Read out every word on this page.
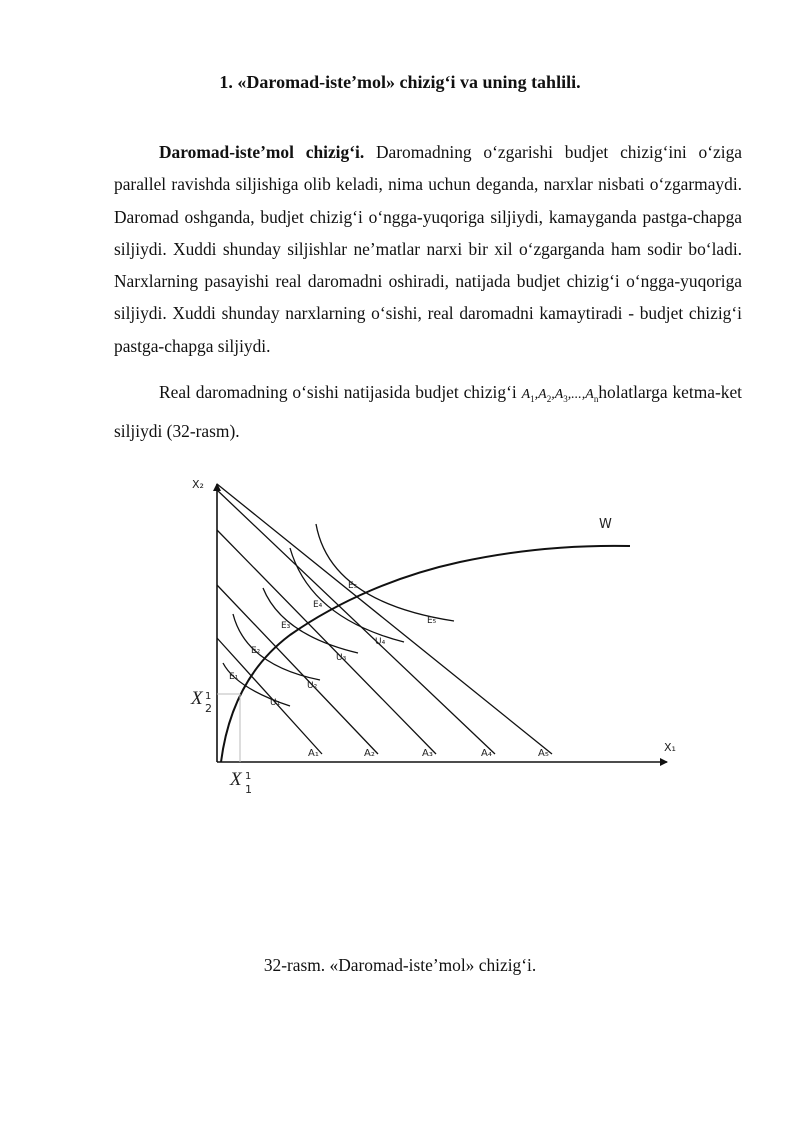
1. «Daromad-iste’mol» chizig‘i va uning tahlili.

Daromad-iste’mol chizig‘i. Daromadning o‘zgarishi budjet chizig‘ini o‘ziga parallel ravishda siljishiga olib keladi, nima uchun deganda, narxlar nisbati o‘zgarmaydi. Daromad oshganda, budjet chizig‘i o‘ngga-yuqoriga siljiydi, kamayganda pastga-chapga siljiydi. Xuddi shunday siljishlar ne’matlar narxi bir xil o‘zgarganda ham sodir bo‘ladi. Narxlarning pasayishi real daromadni oshiradi, natijada budjet chizig‘i o‘ngga-yuqoriga siljiydi. Xuddi shunday narxlarning o‘sishi, real daromadni kamaytiradi - budjet chizig‘i pastga-chapga siljiydi.

Real daromadning o‘sishi natijasida budjet chizig‘i $A_1,A_2,A_3,...,A_nholatlarga$ ketma-ket siljiydi (32-rasm).

X₂
X₁
W
X 2
1
X 1
1
A₁	A₂	A₃	A₄	A₅
U₁
U₂
U₃
U₄
E₅
E₁
E₂
E₃
E₄
E₅
32-rasm. «Daromad-iste’mol» chizig‘i.
